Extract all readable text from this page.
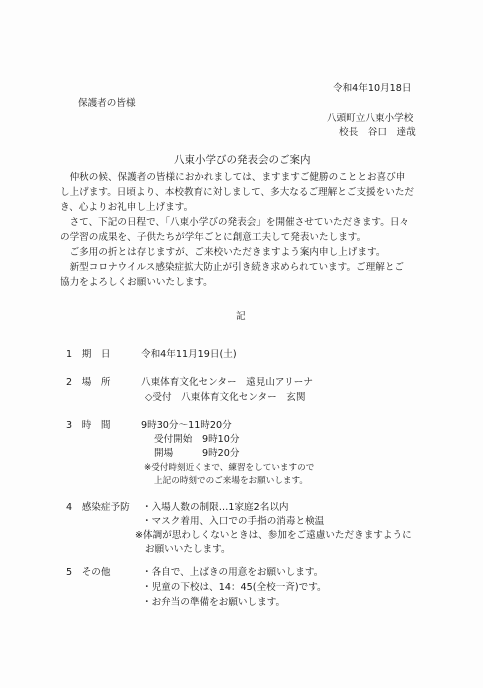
令和4年10月18日
保護者の皆様
八頭町立八東小学校
校長　谷口　達哉
八東小学びの発表会のご案内

　仲秋の候、保護者の皆様におかれましては、ますますご健勝のこととお喜び申

し上げます。日頃より、本校教育に対しまして、多大なるご理解とご支援をいただ

き、心よりお礼申し上げます。

　さて、下記の日程で、「八東小学びの発表会」を開催させていただきます。日々

の学習の成果を、子供たちが学年ごとに創意工夫して発表いたします。

　ご多用の折とは存じますが、ご来校いただきますよう案内申し上げます。

　新型コロナウイルス感染症拡大防止が引き続き求められています。ご理解とご

協力をよろしくお願いいたします。

記
1　期　日	令和4年11月19日(土)
2　場　所	八東体育文化センター　遠見山アリーナ
◇受付　八東体育文化センター　玄関
3　時　間	9時30分～11時20分
受付開始　9時10分
開場　　　9時20分
※受付時刻近くまで、練習をしていますので
上記の時刻でのご来場をお願いします。
4　感染症予防 ・入場人数の制限…1家庭2名以内
・マスク着用、入口での手指の消毒と検温
※体調が思わしくないときは、参加をご遠慮いただきますように
お願いいたします。
5　その他	・各自で、上ばきの用意をお願いします。
・児童の下校は、14：45(全校一斉)です。
・お弁当の準備をお願いします。
